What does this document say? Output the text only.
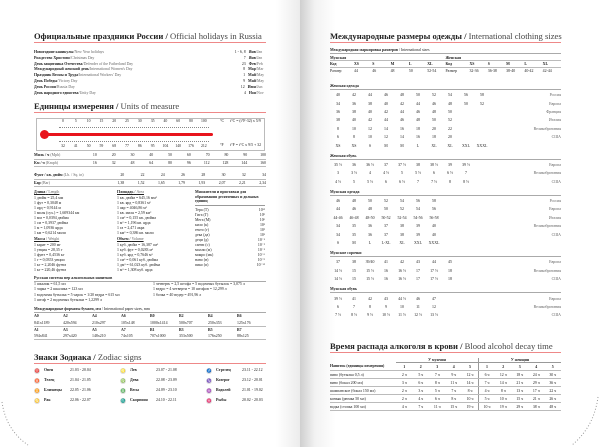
Официальные праздники России / Official holidays in Russia
Новогодние каникулы / New Year holidays	1 - 6, 8 Янв / Jan
Рождество Христово / Christmas Day	7 Янв / Jan
День защитника Отечества / Defender of the Fatherland Day	23 Фев / Feb
Международный женский день / International Women's Day	8 Мар / Mar
Праздник Весны и Труда / International Workers' Day	1 Май / May
День Победы / Victory Day	9 Май / May
День России / Russia Day	12 Июн / Jun
День народного единства / Unity Day	4 Ноя / Nov
Единицы измерения / Units of measure
°C t°C = (t°F-32) x 5/9
°F t°F = t°C x 9/5 + 32
0
32
5
41
10
50
15
59
20
68
25
77
30
86
35
95
40
104
60
140
80
176
100
212
Миль / ч (Mph)	10	20	30	40	50	60	70	80	90	100
Км / ч (Kmph)	16	32	48	64	80	96	112	128	144	160
Фунт / кв. дюйм (Lb. / Sq. in)	20	22	24	26	28	30	32	34
Бар (Bar)	1,38	1,52	1,65	1,79	1,93	2,07	2,21	2,34
Длина / Length
1 дюйм = 25,4 мм
1 фут = 0,3048 м
1 ярд = 0,9144 м
1 миля (сух.) = 1,609344 км
1 мм = 0,0394 дюйма
1 см = 0,3937 дюйма
1 м = 1,0936 ярда
1 км = 0,6214 мили
Масса / Weight
1 карат = 200 мг
1 унция = 28,35 г
1 фунт = 0,4536 кг
1 г = 0,0353 унции
1 кг = 2,2046 фунта
1 кг = 220,46 фунта
Площадь / Area
1 кв. дюйм = 645,16 мм²
1 кв. ярд = 0,8361 м²
1 акр = 4046,86 м²
1 кв. миля = 2,59 км²
1 см² = 0,155 кв. дюйма
1 м² = 1,196 кв. ярда
1 га = 2,471 акра
1 км² = 0,386 кв. мили
Объем / Volume
1 куб. дюйм = 16,387 см³
1 куб. фут = 0,0283 м³
1 куб. ярд = 0,7646 м³
1 см³ = 0,061 куб. дюйма
1 дм³ = 61,023 куб. дюйма
1 м³ = 1,308 куб. ярда
Множители и приставки для образования десятичных и дольных единиц
Тера (Т)	10¹²
Гига (Г)	10⁹
Мега (М)	10⁶
кило (к)	10³
гекто (г)	10²
дека (да)	10¹
деци (д)	10⁻¹
санти (с)	10⁻²
милли (м)	10⁻³
микро (мк)	10⁻⁶
нано (н)	10⁻⁹
пико (п)	10⁻¹²
Русская система мер алкогольных напитков
1 шкалик = 61,5 мл
1 чарка = 2 шкалика = 123 мл
1 водочная бутылка = 5 чарок = 1/20 ведра = 615 мл
1 штоф = 2 водочных бутылки = 1,2299 л
1 четверть = 2,5 штофа = 5 водочных бутылок = 3,075 л
1 ведро = 4 четверти = 10 штофов = 12,299 л
1 бочка = 40 ведер = 491,96 л
Международные форматы бумаги, мм / International paper sizes, mm
A0	A2	A4	A6	B0	B2	B4	B6
841x1189	420x594	210x297	105x148	1000x1414	500x707	250x353	125x176
A1	A3	A5	A7	B1	B3	B5	B7
594x841	297x420	148x210	74x105	707x1000	353x500	176x250	88x125
Знаки Зодиака / Zodiac signs
♈ Овен	21.03 - 20.04
♉ Телец	21.04 - 21.05
♊ Близнецы	22.05 - 21.06
♋ Рак	22.06 - 22.07
♌ Лев	23.07 - 21.08
♍ Дева	22.08 - 23.09
♎ Весы	24.09 - 23.10
♏ Скорпион	24.10 - 22.11
♐ Стрелец	23.11 - 22.12
♑ Козерог	23.12 - 20.01
♒ Водолей	21.01 - 19.02
♓ Рыбы	20.02 - 20.03
Международные размеры одежды / International clothing sizes
Международная маркировка размеров / International sizes
Мужская						Женская					
Код	XS	S	M	L	XL	Код	XS	S	M	L	XL
Размер	44	46	48	50	52-54	Размер	32-36	36-38	38-40	40-42	42-44
Женская одежда
40	42	44	46	48	50	52	54	56	58	Россия
34	36	38	40	42	44	46	48	50	52	Европа
36	38	40	42	44	46	48	50			Франция
38	40	42	44	46	48	50	52			Италия
8	10	12	14	16	18	20	22			Великобритания
6	8	10	12	14	16	18	20			США
XS	XS	S	M	M	L	XL	XL	XXL	XXXL	
Женская обувь
35 ½	36	36 ½	37	37 ½	38	38 ½	39	39 ½		Европа
3	3 ½	4	4 ½	5	5 ½	6	6 ½	7		Великобритания
4 ½	5	5 ½	6	6 ½	7	7 ½	8	8 ½		США
Мужская одежда
46	48	50	52	54	56	58				Россия
44	46	48	50	52	54	56				Европа
44-46	46-48	48-50	50-52	52-54	54-56	56-58				Италия
34	35	36	37	38	39	40				Великобритания
34	35	36	37	38	39	40				США
S	M	L	L-XL	XL	XXL	XXXL				
Мужские сорочки
37	38	39/40	41	42	43	44	45			Европа
14 ½	15	15 ½	16	16 ½	17	17 ½	18			Великобритания
14 ½	15	15 ½	16	16 ½	17	17 ½	18			США
Мужская обувь
39 ½	41	42	43	44 ½	46	47				Европа
6	7	8	9	10	11	12				Великобритания
7 ½	8 ½	9 ½	10 ½	11 ½	12 ½	13 ½				США
Время распада алкоголя в крови / Blood alcohol decay time
	У мужчин					У женщин				
Напиток (единицы измерения)	1	2	3	4	5	1	2	3	4	5
пиво (бутылка 0,5 л)	2 ч	5 ч	7 ч	9 ч	12 ч	6 ч	12 ч	18 ч	24 ч	30 ч
вино (бокал 200 мл)	3 ч	6 ч	8 ч	11 ч	14 ч	7 ч	14 ч	21 ч	29 ч	36 ч
шампанское (бокал 150 мл)	2 ч	3 ч	5 ч	7 ч	8 ч	4 ч	8 ч	13 ч	17 ч	22 ч
коньяк (рюмка 50 мл)	2 ч	4 ч	6 ч	8 ч	10 ч	5 ч	10 ч	15 ч	21 ч	26 ч
водка (стопка 100 мл)	4 ч	7 ч	11 ч	15 ч	19 ч	10 ч	19 ч	29 ч	38 ч	48 ч
